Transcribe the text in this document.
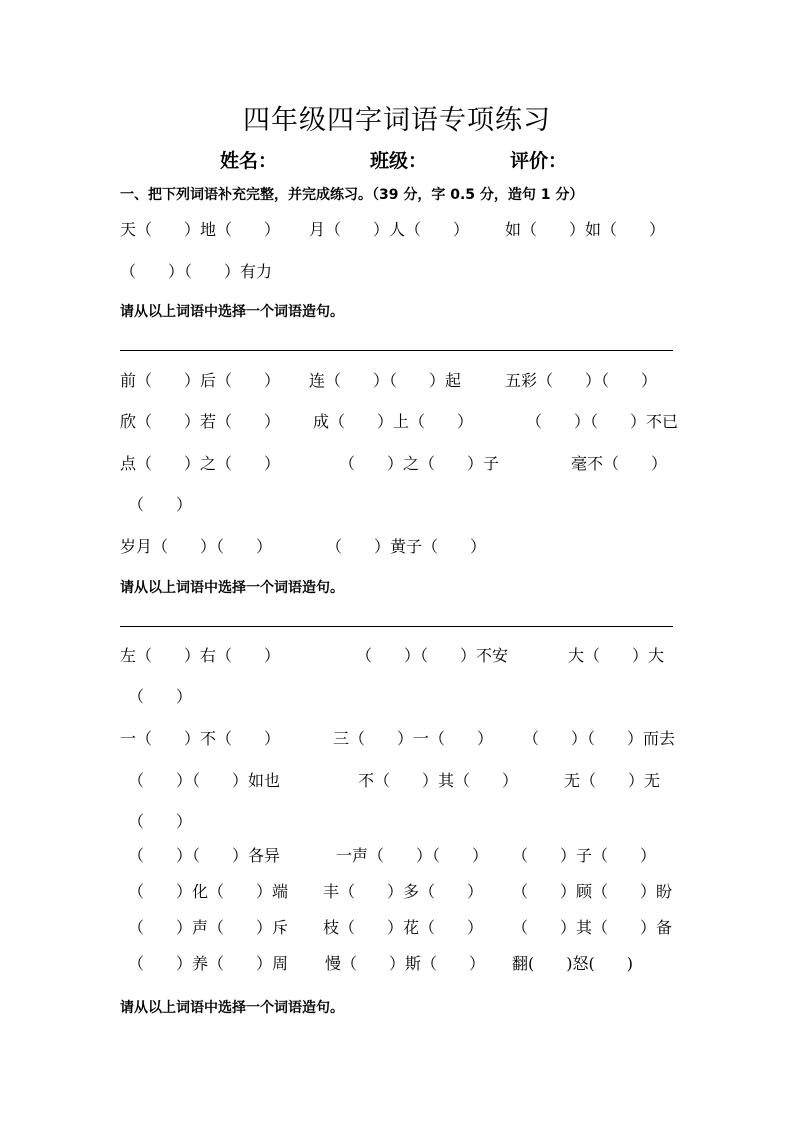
四年级四字词语专项练习
姓名：	班级：	评价：
一、把下列词语补充完整，并完成练习。（39 分，字 0.5 分，造句 1 分）
天（　　）地（　　） 月（　　）人（　　） 如（　　）如（　　）
（　　）（　　）有力
请从以上词语中选择一个词语造句。
前（　　）后（　　） 连（　　）（　　）起	五彩（　　）（　　）
欣（　　）若（　　） 成（　　）上（　　）	（　　）（　　）不已
点（　　）之（　　）	（　　）之（　　）子	毫不（　　）
（　　）
岁月（　　）（　　）	（　　）黄子（　　）
请从以上词语中选择一个词语造句。
左（　　）右（　　）	（　　）（　　）不安	大（　　）大
（　　）
一（　　）不（　　）	三（　　）一（　　） （　　）（　　）而去
（　　）（　　）如也	不（　　）其（　　）	无（　　）无
（　　）
（　　）（　　）各异	一声（　　）（　　） （　　）子（　　）
（　　）化（　　）端 丰（　　）多（　　） （　　）顾（　　）盼
（　　）声（　　）斥 枝（　　）花（　　） （　　）其（　　）备
（　　）养（　　）周 慢（　　）斯（　　） 翻(　　)怒(　　)
请从以上词语中选择一个词语造句。
